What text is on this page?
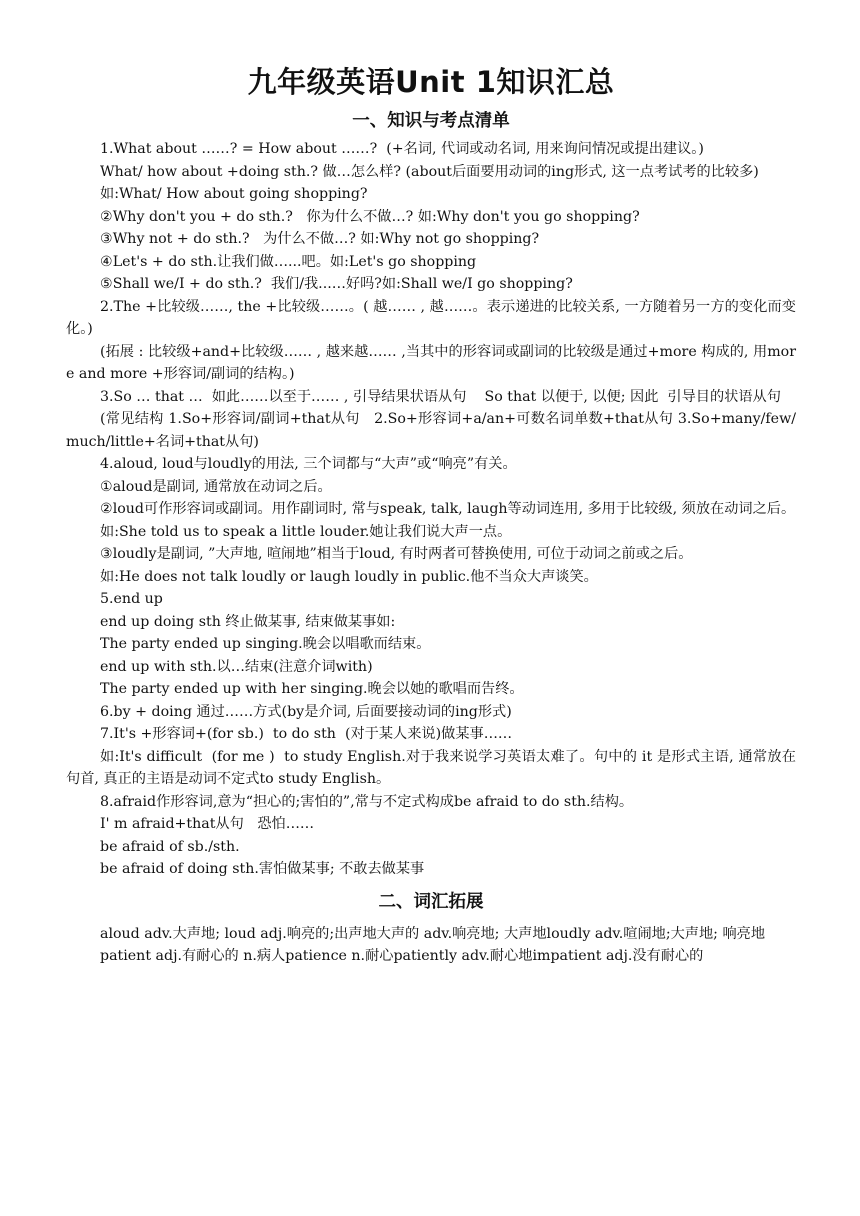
九年级英语Unit 1知识汇总
一、知识与考点清单

1.What about ……? = How about ……?  (+名词, 代词或动名词, 用来询问情况或提出建议。)

What/ how about +doing sth.? 做…怎么样? (about后面要用动词的ing形式, 这一点考试考的比较多)

如:What/ How about going shopping?

②Why don't you + do sth.?   你为什么不做…? 如:Why don't you go shopping?

③Why not + do sth.?   为什么不做…? 如:Why not go shopping?

④Let's + do sth.让我们做…...吧。如:Let's go shopping

⑤Shall we/I + do sth.?  我们/我...…好吗?如:Shall we/I go shopping?

2.The +比较级……, the +比较级……。( 越…… , 越……。表示递进的比较关系, 一方随着另一方的变化而变化。)

(拓展 : 比较级+and+比较级…… , 越来越…… ,当其中的形容词或副词的比较级是通过+more 构成的, 用more and more +形容词/副词的结构。)

3.So … that …  如此……以至于…… , 引导结果状语从句    So that 以便于, 以便; 因此  引导目的状语从句

(常见结构 1.So+形容词/副词+that从句   2.So+形容词+a/an+可数名词单数+that从句 3.So+many/few/much/little+名词+that从句)

4.aloud, loud与loudly的用法, 三个词都与“大声”或“响亮”有关。

①aloud是副词, 通常放在动词之后。

②loud可作形容词或副词。用作副词时, 常与speak, talk, laugh等动词连用, 多用于比较级, 须放在动词之后。

如:She told us to speak a little louder.她让我们说大声一点。

③loudly是副词, ”大声地, 喧闹地”相当于loud, 有时两者可替换使用, 可位于动词之前或之后。

如:He does not talk loudly or laugh loudly in public.他不当众大声谈笑。

5.end up

end up doing sth 终止做某事, 结束做某事如:

The party ended up singing.晚会以唱歌而结束。

end up with sth.以…结束(注意介词with)

The party ended up with her singing.晚会以她的歌唱而告终。

6.by + doing 通过……方式(by是介词, 后面要接动词的ing形式)

7.It's +形容词+(for sb.)  to do sth  (对于某人来说)做某事……

如:It's difficult  (for me )  to study English.对于我来说学习英语太难了。句中的 it 是形式主语, 通常放在句首, 真正的主语是动词不定式to study English。

8.afraid作形容词,意为“担心的;害怕的”,常与不定式构成be afraid to do sth.结构。

I' m afraid+that从句   恐怕……

be afraid of sb./sth.

be afraid of doing sth.害怕做某事; 不敢去做某事

二、词汇拓展

aloud adv.大声地; loud adj.响亮的;出声地大声的 adv.响亮地; 大声地loudly adv.喧闹地;大声地; 响亮地

patient adj.有耐心的 n.病人patience n.耐心patiently adv.耐心地impatient adj.没有耐心的
